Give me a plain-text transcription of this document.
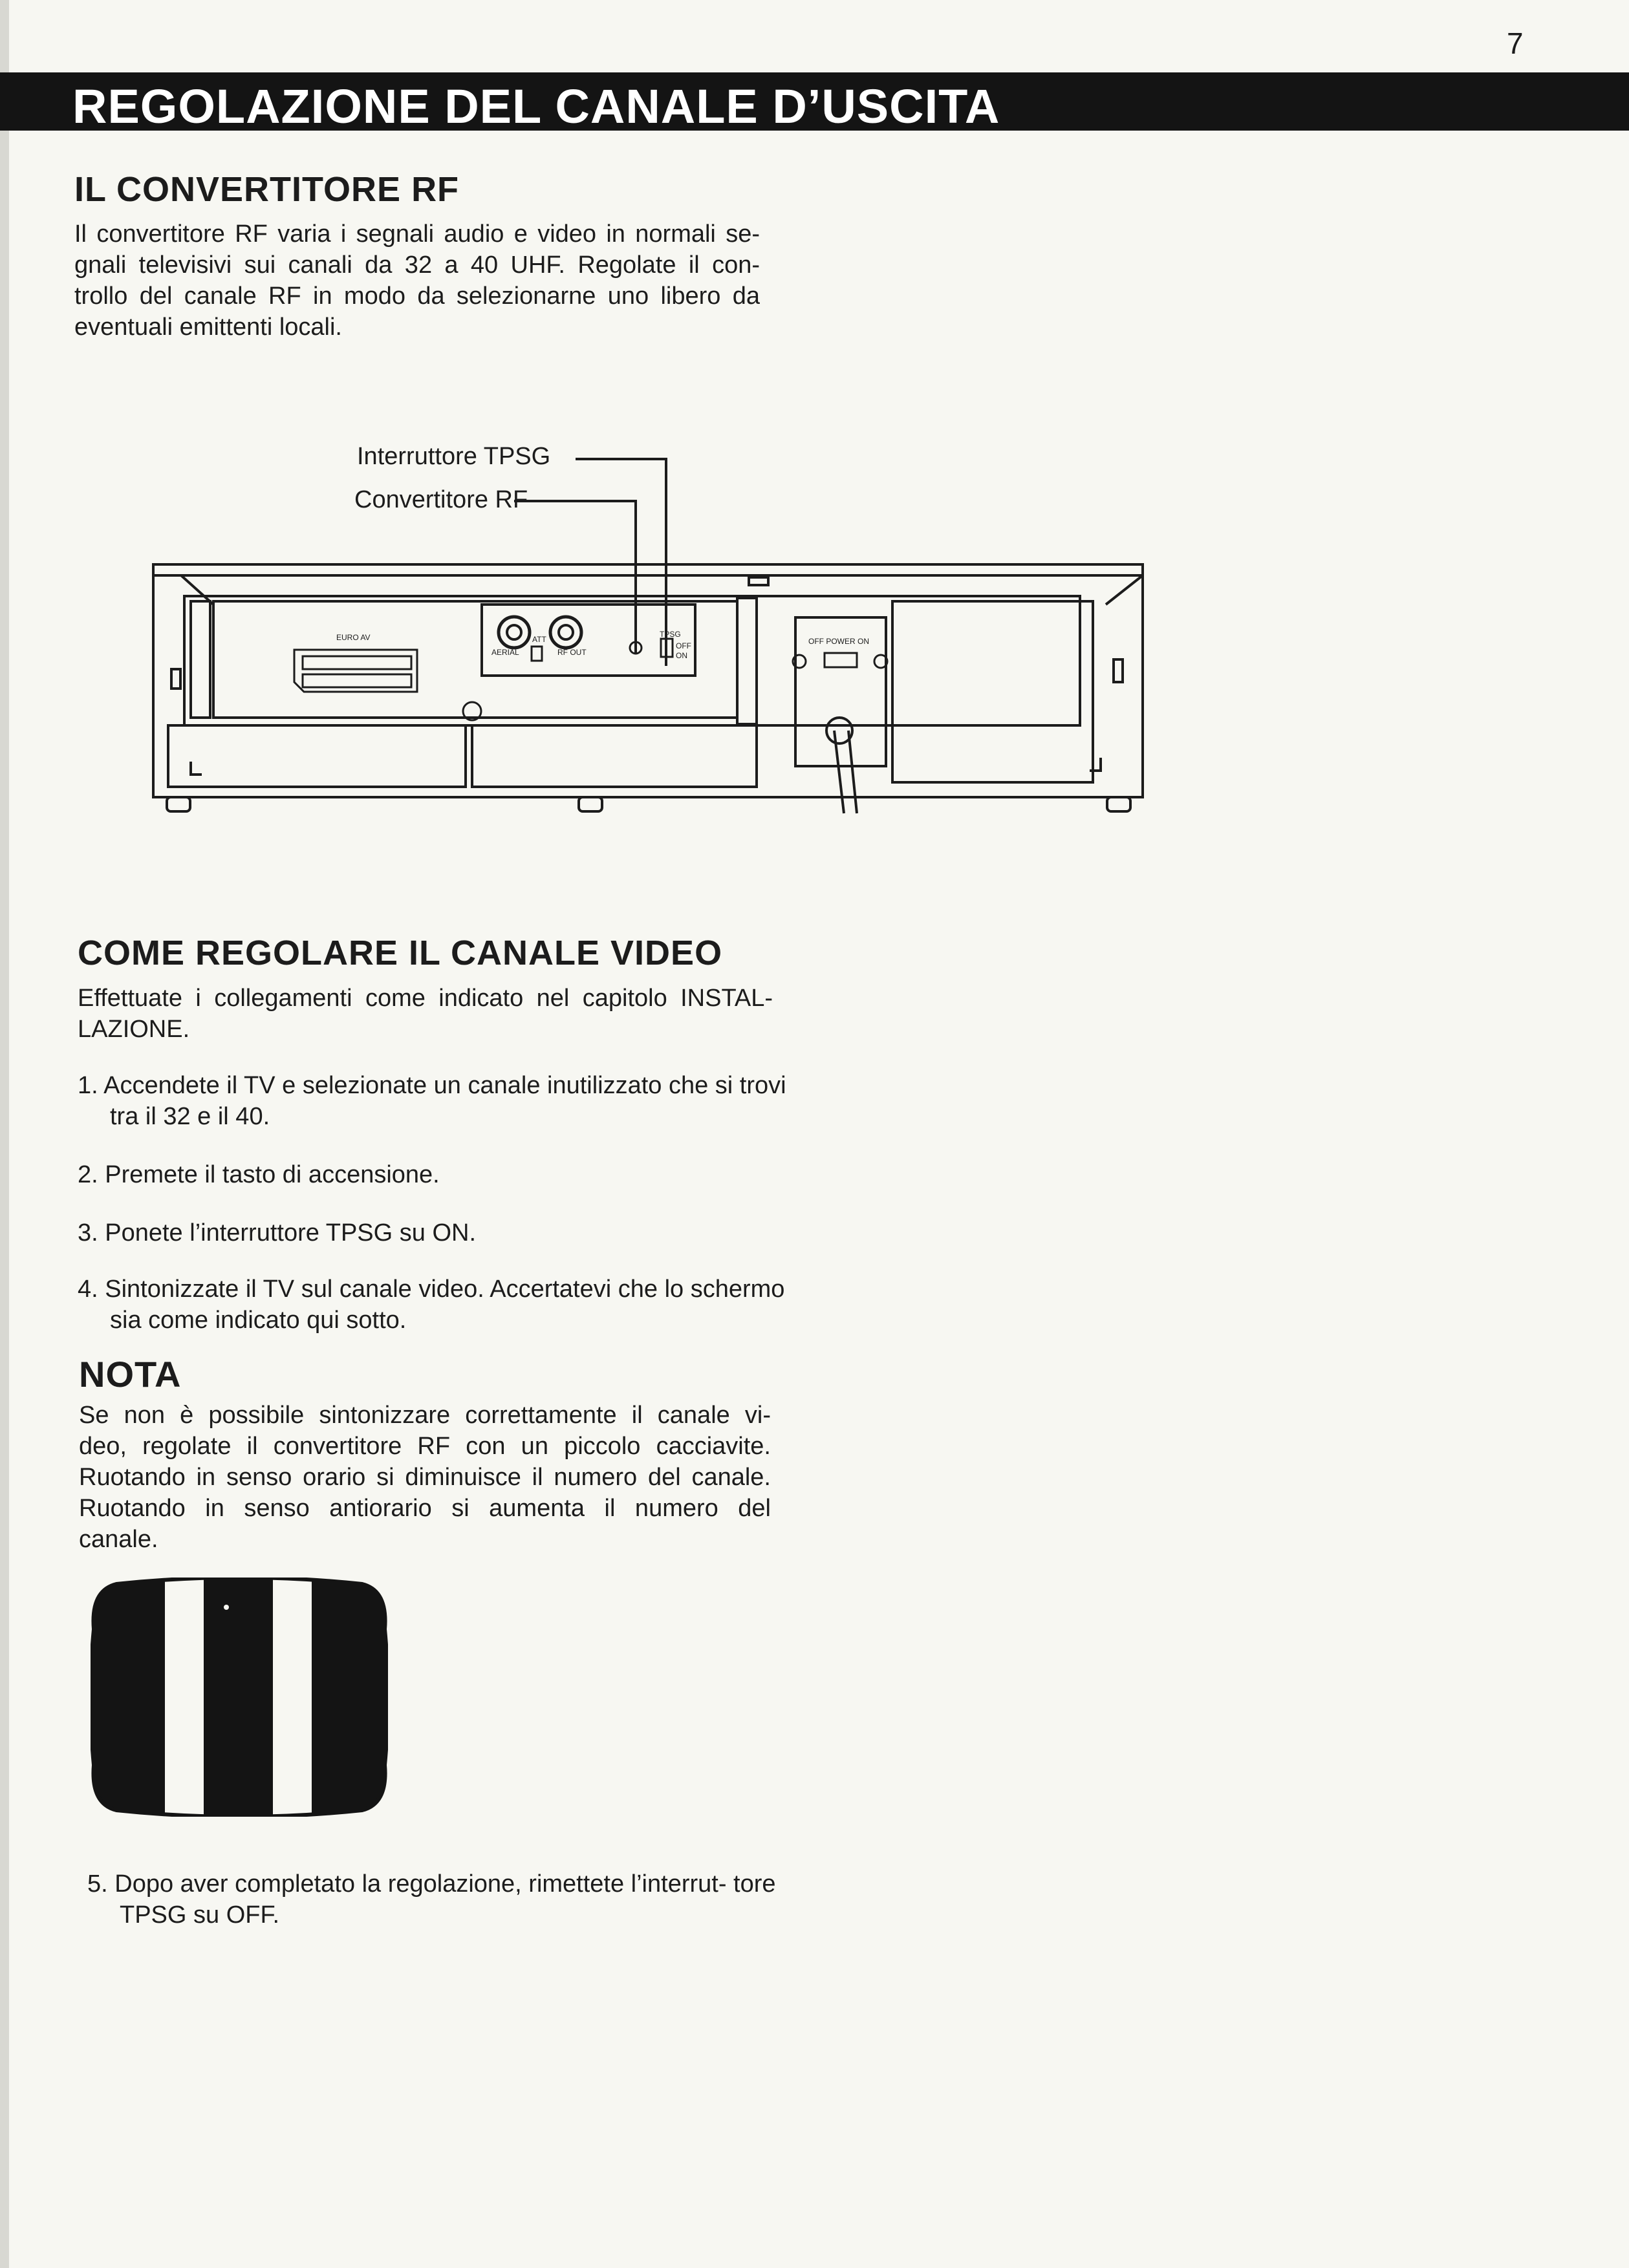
7
REGOLAZIONE DEL CANALE D’USCITA
IL CONVERTITORE RF

Il convertitore RF varia i segnali audio e video in normali se-

gnali televisivi sui canali da 32 a 40 UHF. Regolate il con-

trollo del canale RF in modo da selezionarne uno libero da

eventuali emittenti locali.

Interruttore TPSG
Convertitore RF
EURO AV	ATT
AERIAL	RF OUT
TPSG
OFF
ON
OFF POWER ON
COME REGOLARE IL CANALE VIDEO

Effettuate i collegamenti come indicato nel capitolo INSTAL-

LAZIONE.

1. Accendete il TV e selezionate un canale inutilizzato che si trovi tra il 32 e il 40.

2. Premete il tasto di accensione.

3. Ponete l’interruttore TPSG su ON.

4. Sintonizzate il TV sul canale video. Accertatevi che lo schermo sia come indicato qui sotto.

NOTA

Se non è possibile sintonizzare correttamente il canale vi-

deo, regolate il convertitore RF con un piccolo cacciavite.

Ruotando in senso orario si diminuisce il numero del canale.

Ruotando in senso antiorario si aumenta il numero del

canale.

5. Dopo aver completato la regolazione, rimettete l’interrut- tore TPSG su OFF.
